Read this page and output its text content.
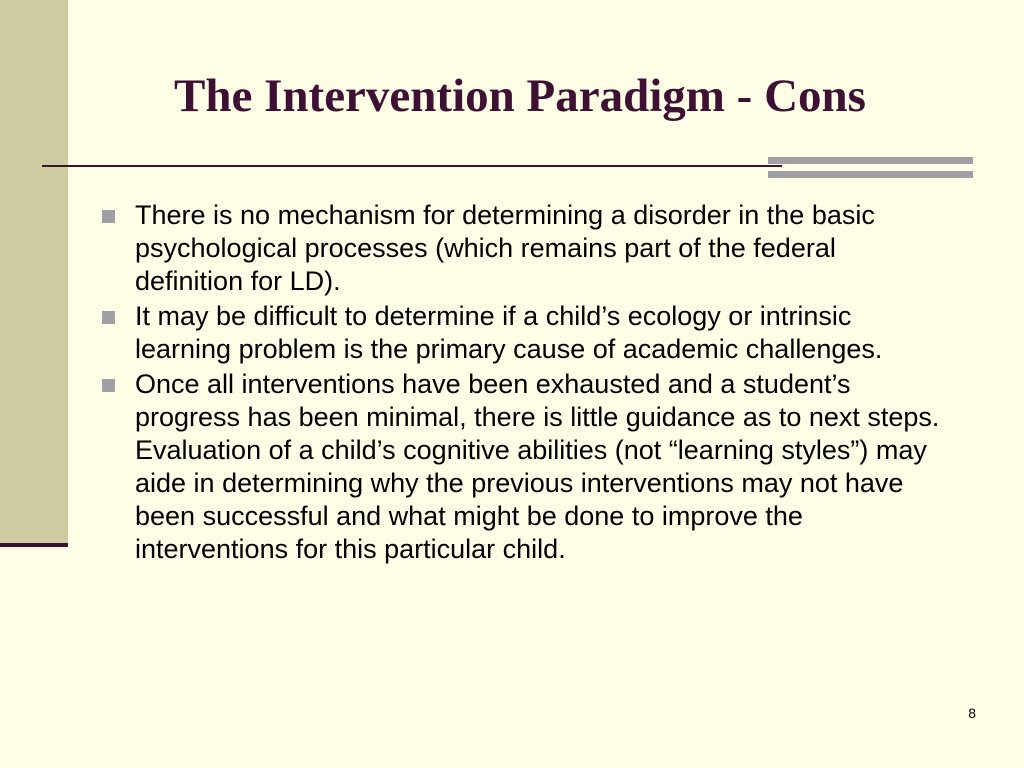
The Intervention Paradigm - Cons
There is no mechanism for determining a disorder in the basic psychological processes (which remains part of the federal definition for LD).
It may be difficult to determine if a child’s ecology or intrinsic learning problem is the primary cause of academic challenges.
Once all interventions have been exhausted and a student’s progress has been minimal, there is little guidance as to next steps. Evaluation of a child’s cognitive abilities (not “learning styles”) may aide in determining why the previous interventions may not have been successful and what might be done to improve the interventions for this particular child.
8
